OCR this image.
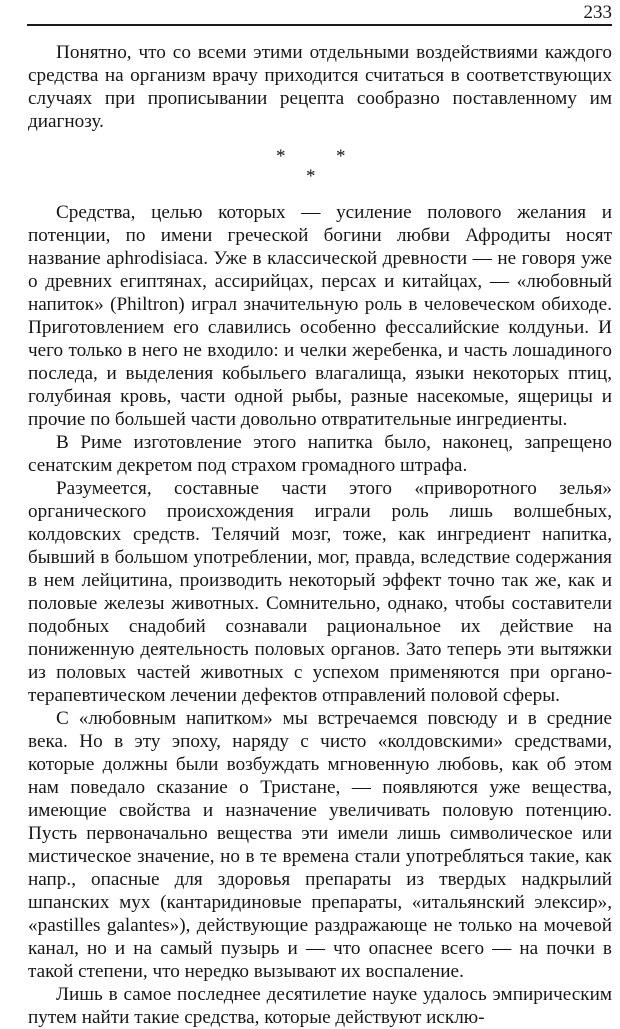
233
*	*
*

Понятно, что со всеми этими отдельными воздействиями каждого средства на организм врачу приходится считаться в соответствующих случаях при прописывании рецепта сообразно поставленному им диагнозу.

Средства, целью которых — усиление полового желания и потенции, по имени греческой богини любви Афродиты носят название aphrodisiaca. Уже в классической древности — не говоря уже о древних египтянах, ассирийцах, персах и китайцах, — «любовный напиток» (Philtron) играл значительную роль в человеческом обиходе. Приготовлением его славились особенно фессалийские колдуньи. И чего только в него не входило: и челки жеребенка, и часть лошадиного последа, и выделения кобыльего влагалища, языки некоторых птиц, голубиная кровь, части одной рыбы, разные насекомые, ящерицы и прочие по большей части довольно отвратительные ингредиенты.

В Риме изготовление этого напитка было, наконец, запрещено сенатским декретом под страхом громадного штрафа.

Разумеется, составные части этого «приворотного зелья» органического происхождения играли роль лишь волшебных, колдовских средств. Телячий мозг, тоже, как ингредиент напитка, бывший в большом употреблении, мог, правда, вследствие содержания в нем лейцитина, производить некоторый эффект точно так же, как и половые железы животных. Сомнительно, однако, чтобы составители подобных снадобий сознавали рациональное их действие на пониженную деятельность половых органов. Зато теперь эти вытяжки из половых частей животных с успехом применяются при органо-терапевтическом лечении дефектов отправлений половой сферы.

С «любовным напитком» мы встречаемся повсюду и в средние века. Но в эту эпоху, наряду с чисто «колдовскими» средствами, которые должны были возбуждать мгновенную любовь, как об этом нам поведало сказание о Тристане, — появляются уже вещества, имеющие свойства и назначение увеличивать половую потенцию. Пусть первоначально вещества эти имели лишь символическое или мистическое значение, но в те времена стали употребляться такие, как напр., опасные для здоровья препараты из твердых надкрылий шпанских мух (кантаридиновые препараты, «итальянский элексир», «pastilles galantes»), действующие раздражающе не только на мочевой канал, но и на самый пузырь и — что опаснее всего — на почки в такой степени, что нередко вызывают их воспаление.

Лишь в самое последнее десятилетие науке удалось эмпирическим путем найти такие средства, которые действуют исклю-
